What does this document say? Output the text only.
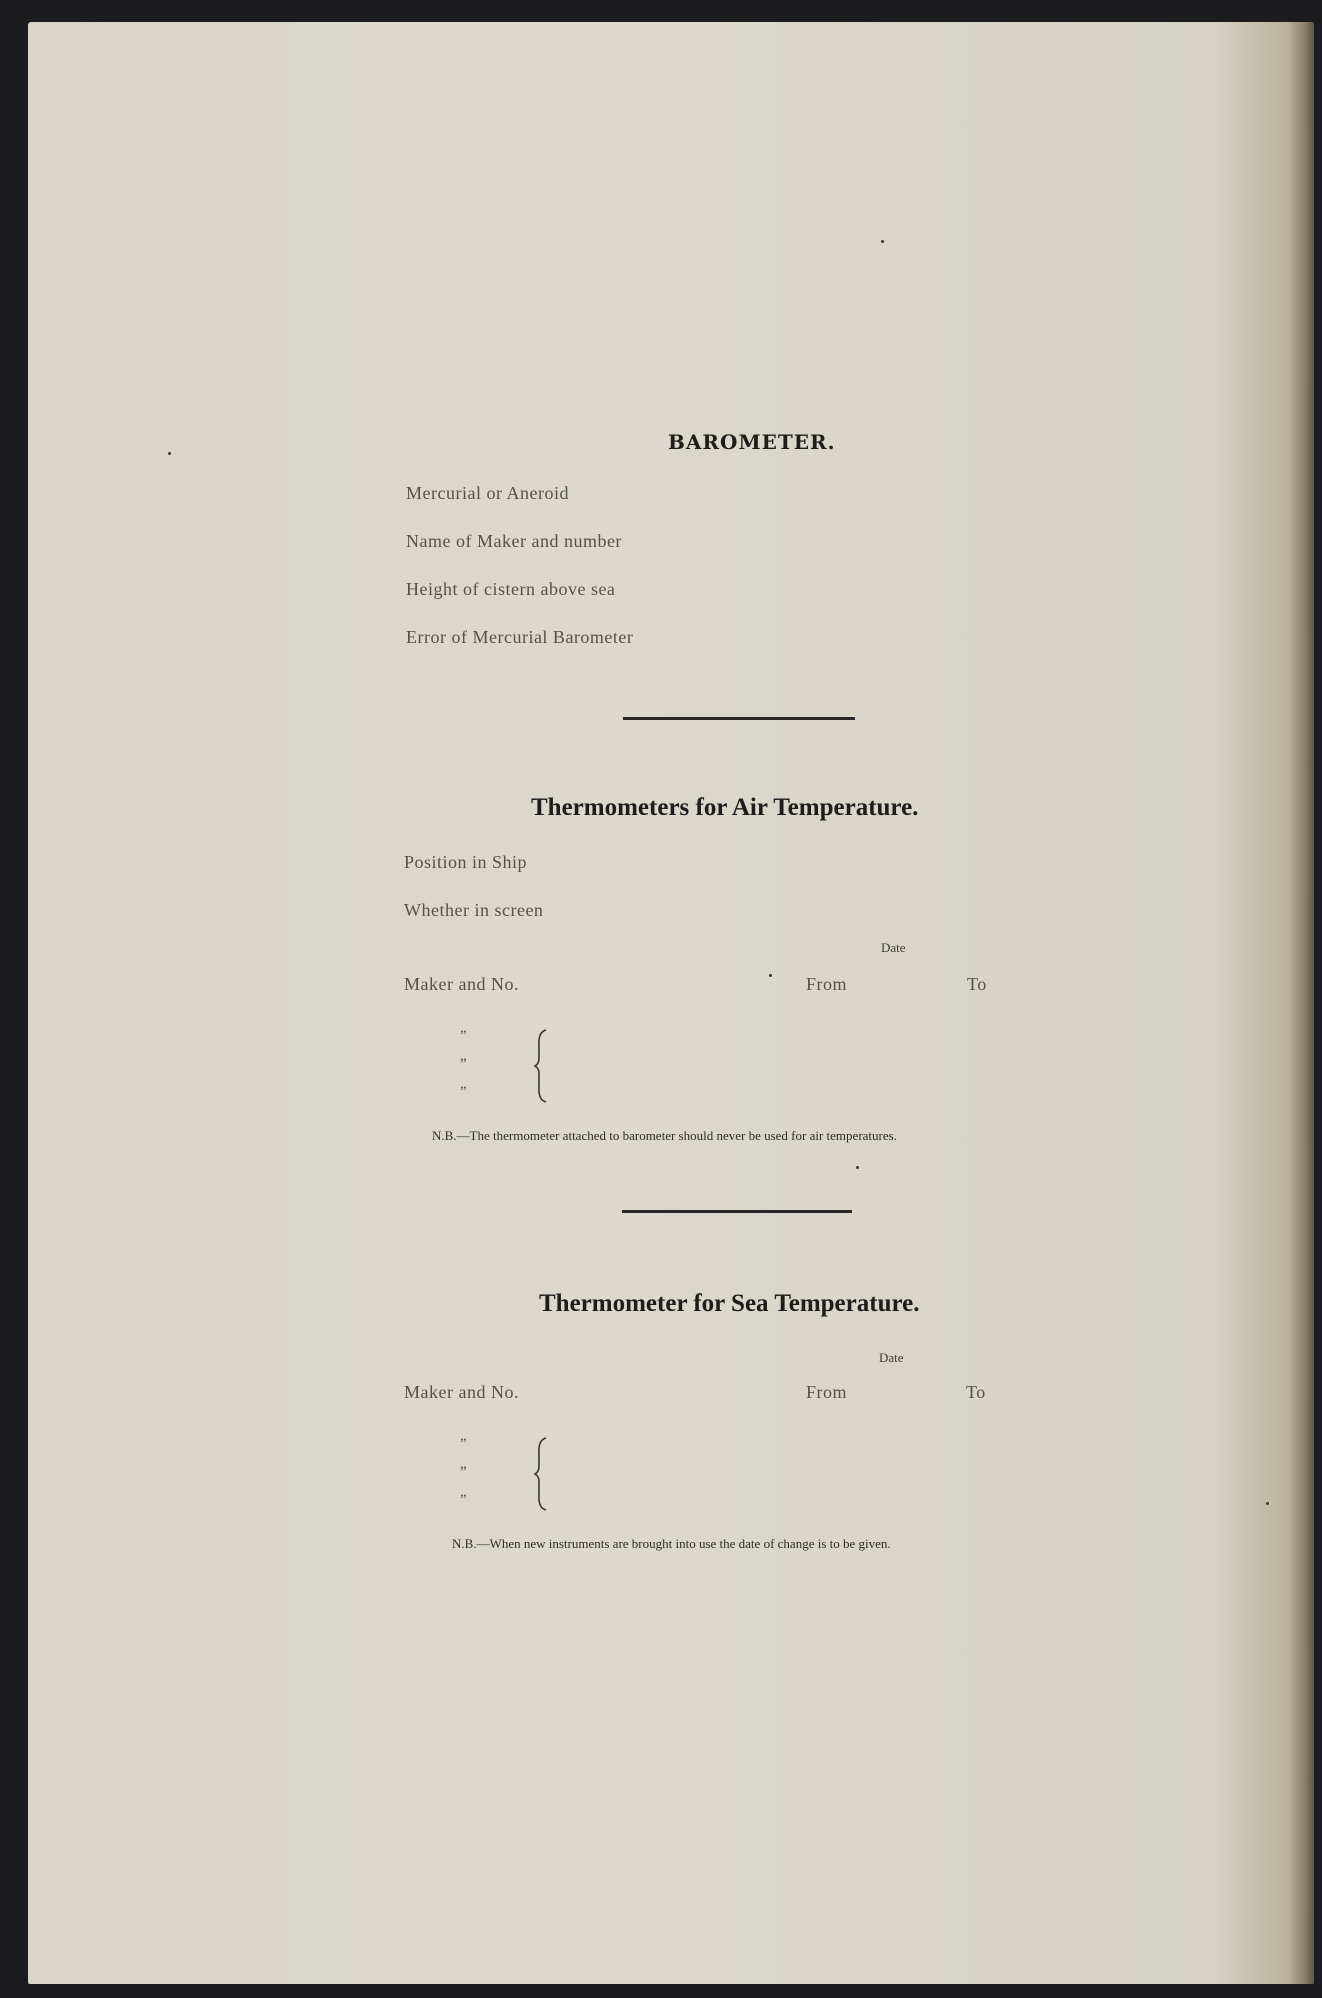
BAROMETER.
Mercurial or Aneroid
Name of Maker and number
Height of cistern above sea
Error of Mercurial Barometer
Thermometers for Air Temperature.
Position in Ship
Whether in screen
Date
Maker and No.	From	To
”
”
”
N.B.—The thermometer attached to barometer should never be used for air temperatures.
Thermometer for Sea Temperature.
Date
Maker and No.	From	To
”
”
”
N.B.—When new instruments are brought into use the date of change is to be given.
